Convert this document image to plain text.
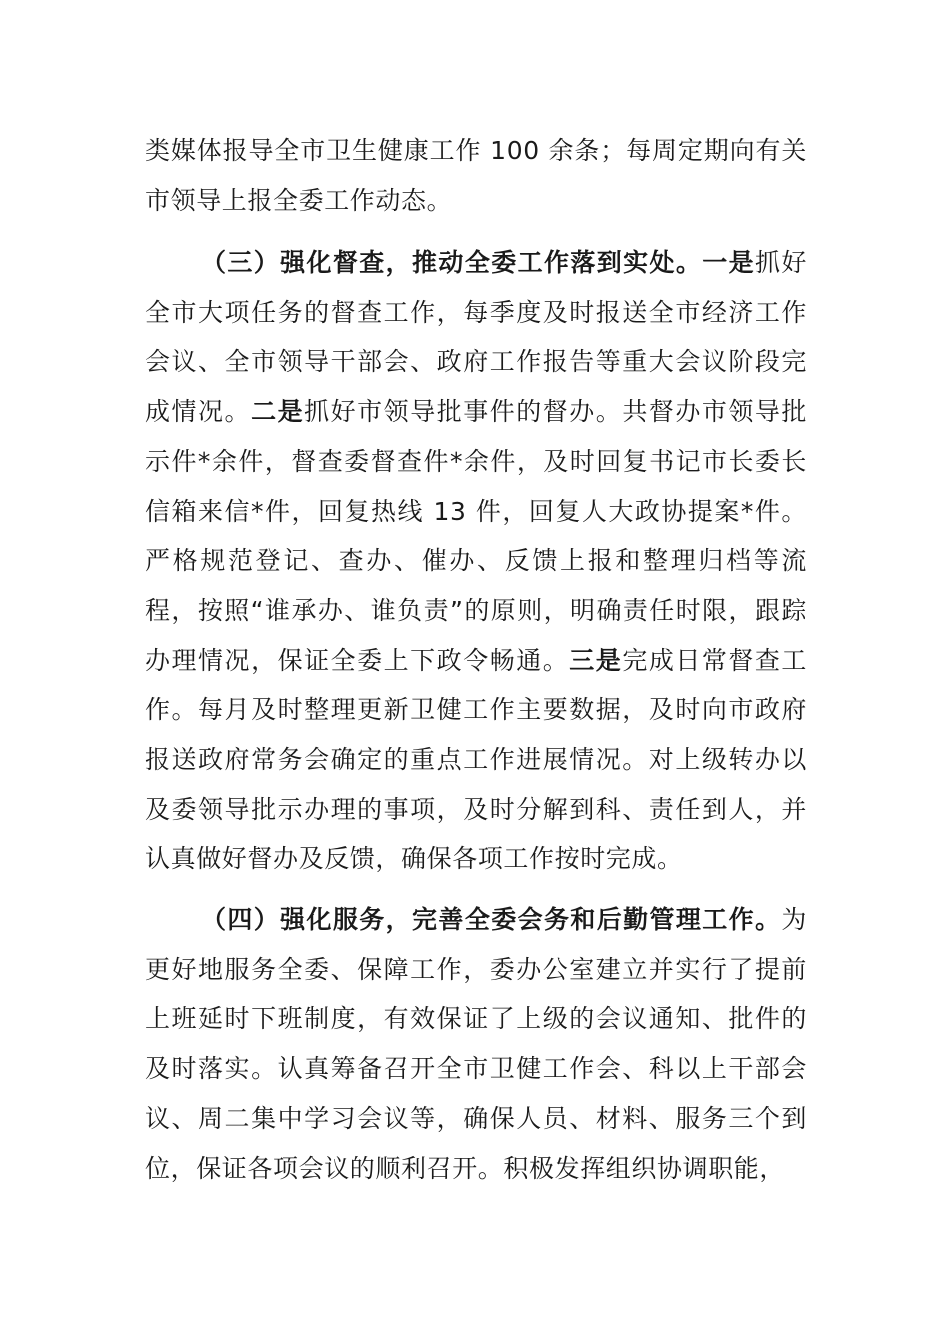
类媒体报导全市卫生健康工作 100 余条；每周定期向有关市领导上报全委工作动态。

（三）强化督查，推动全委工作落到实处。一是抓好全市大项任务的督查工作，每季度及时报送全市经济工作会议、全市领导干部会、政府工作报告等重大会议阶段完成情况。二是抓好市领导批事件的督办。共督办市领导批示件*余件，督查委督查件*余件，及时回复书记市长委长信箱来信*件，回复热线 13 件，回复人大政协提案*件。严格规范登记、查办、催办、反馈上报和整理归档等流程，按照“谁承办、谁负责”的原则，明确责任时限，跟踪办理情况，保证全委上下政令畅通。三是完成日常督查工作。每月及时整理更新卫健工作主要数据，及时向市政府报送政府常务会确定的重点工作进展情况。对上级转办以及委领导批示办理的事项，及时分解到科、责任到人，并认真做好督办及反馈，确保各项工作按时完成。

（四）强化服务，完善全委会务和后勤管理工作。为更好地服务全委、保障工作，委办公室建立并实行了提前上班延时下班制度，有效保证了上级的会议通知、批件的及时落实。认真筹备召开全市卫健工作会、科以上干部会议、周二集中学习会议等，确保人员、材料、服务三个到位，保证各项会议的顺利召开。积极发挥组织协调职能，
